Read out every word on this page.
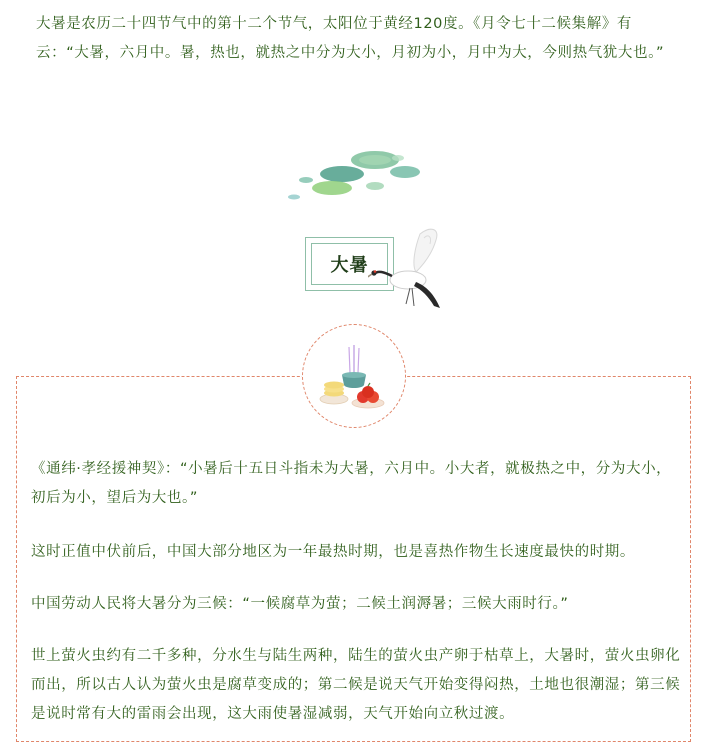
大暑是农历二十四节气中的第十二个节气，太阳位于黄经120度。《月令七十二候集解》有云：“大暑，六月中。暑，热也，就热之中分为大小，月初为小，月中为大，今则热气犹大也。”

大暑

《通纬·孝经援神契》：“小暑后十五日斗指未为大暑，六月中。小大者，就极热之中，分为大小，初后为小，望后为大也。”

这时正值中伏前后，中国大部分地区为一年最热时期，也是喜热作物生长速度最快的时期。

中国劳动人民将大暑分为三候：“一候腐草为萤；二候土润溽暑；三候大雨时行。”

世上萤火虫约有二千多种，分水生与陆生两种，陆生的萤火虫产卵于枯草上，大暑时，萤火虫卵化而出，所以古人认为萤火虫是腐草变成的；第二候是说天气开始变得闷热，土地也很潮湿；第三候是说时常有大的雷雨会出现，这大雨使暑湿减弱，天气开始向立秋过渡。
